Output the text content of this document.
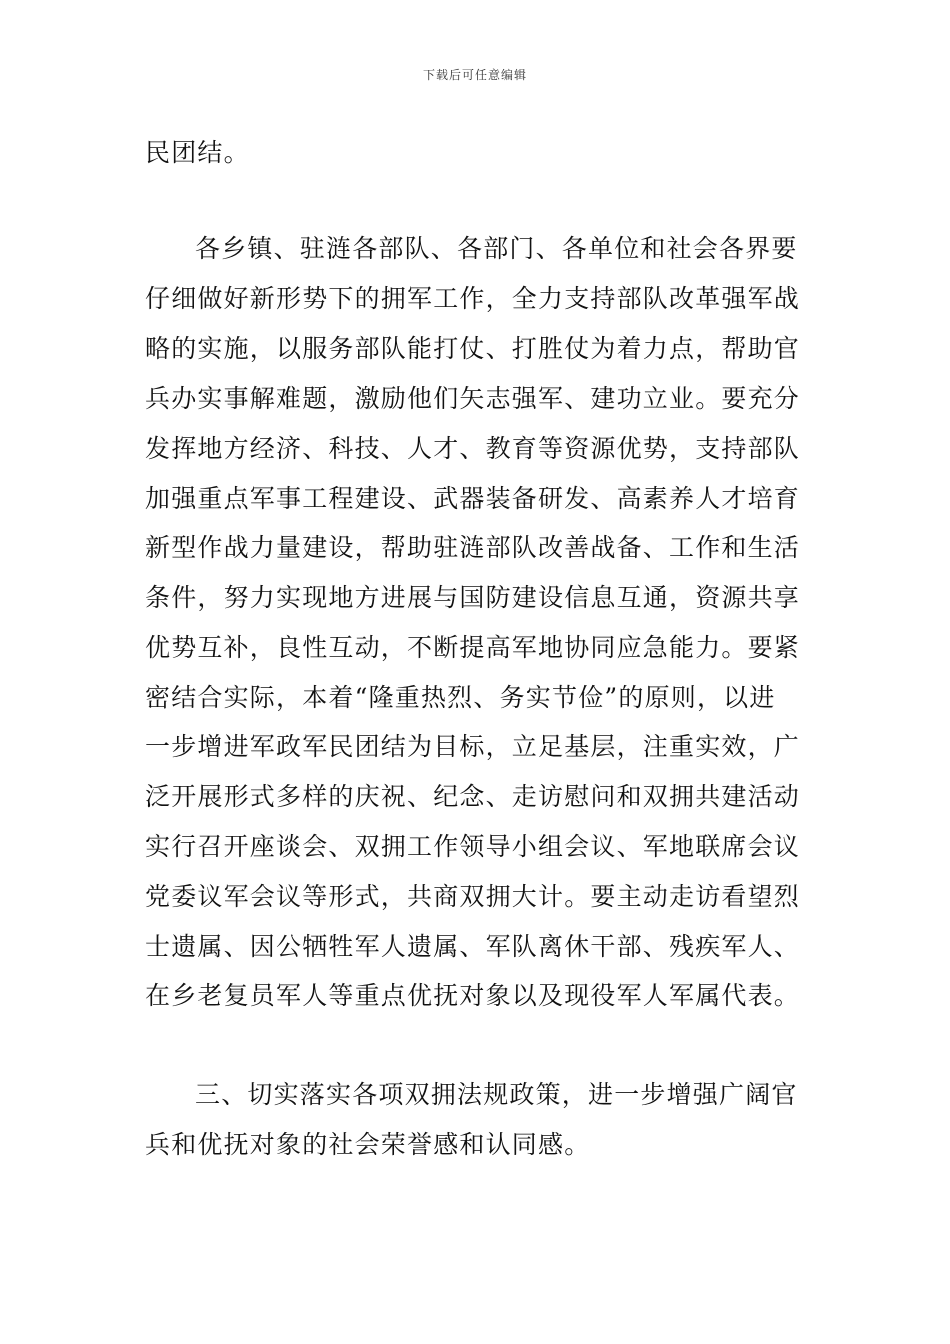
下载后可任意编辑
民团结。
各乡镇、驻涟各部队、各部门、各单位和社会各界要
仔细做好新形势下的拥军工作，全力支持部队改革强军战
略的实施，以服务部队能打仗、打胜仗为着力点，帮助官
兵办实事解难题，激励他们矢志强军、建功立业。要充分
发挥地方经济、科技、人才、教育等资源优势，支持部队
加强重点军事工程建设、武器装备研发、高素养人才培育
新型作战力量建设，帮助驻涟部队改善战备、工作和生活
条件，努力实现地方进展与国防建设信息互通，资源共享
优势互补，良性互动，不断提高军地协同应急能力。要紧
密结合实际，本着“隆重热烈、务实节俭”的原则，以进
一步增进军政军民团结为目标，立足基层，注重实效，广
泛开展形式多样的庆祝、纪念、走访慰问和双拥共建活动
实行召开座谈会、双拥工作领导小组会议、军地联席会议
党委议军会议等形式，共商双拥大计。要主动走访看望烈
士遗属、因公牺牲军人遗属、军队离休干部、残疾军人、
在乡老复员军人等重点优抚对象以及现役军人军属代表。
三、切实落实各项双拥法规政策，进一步增强广阔官
兵和优抚对象的社会荣誉感和认同感。
